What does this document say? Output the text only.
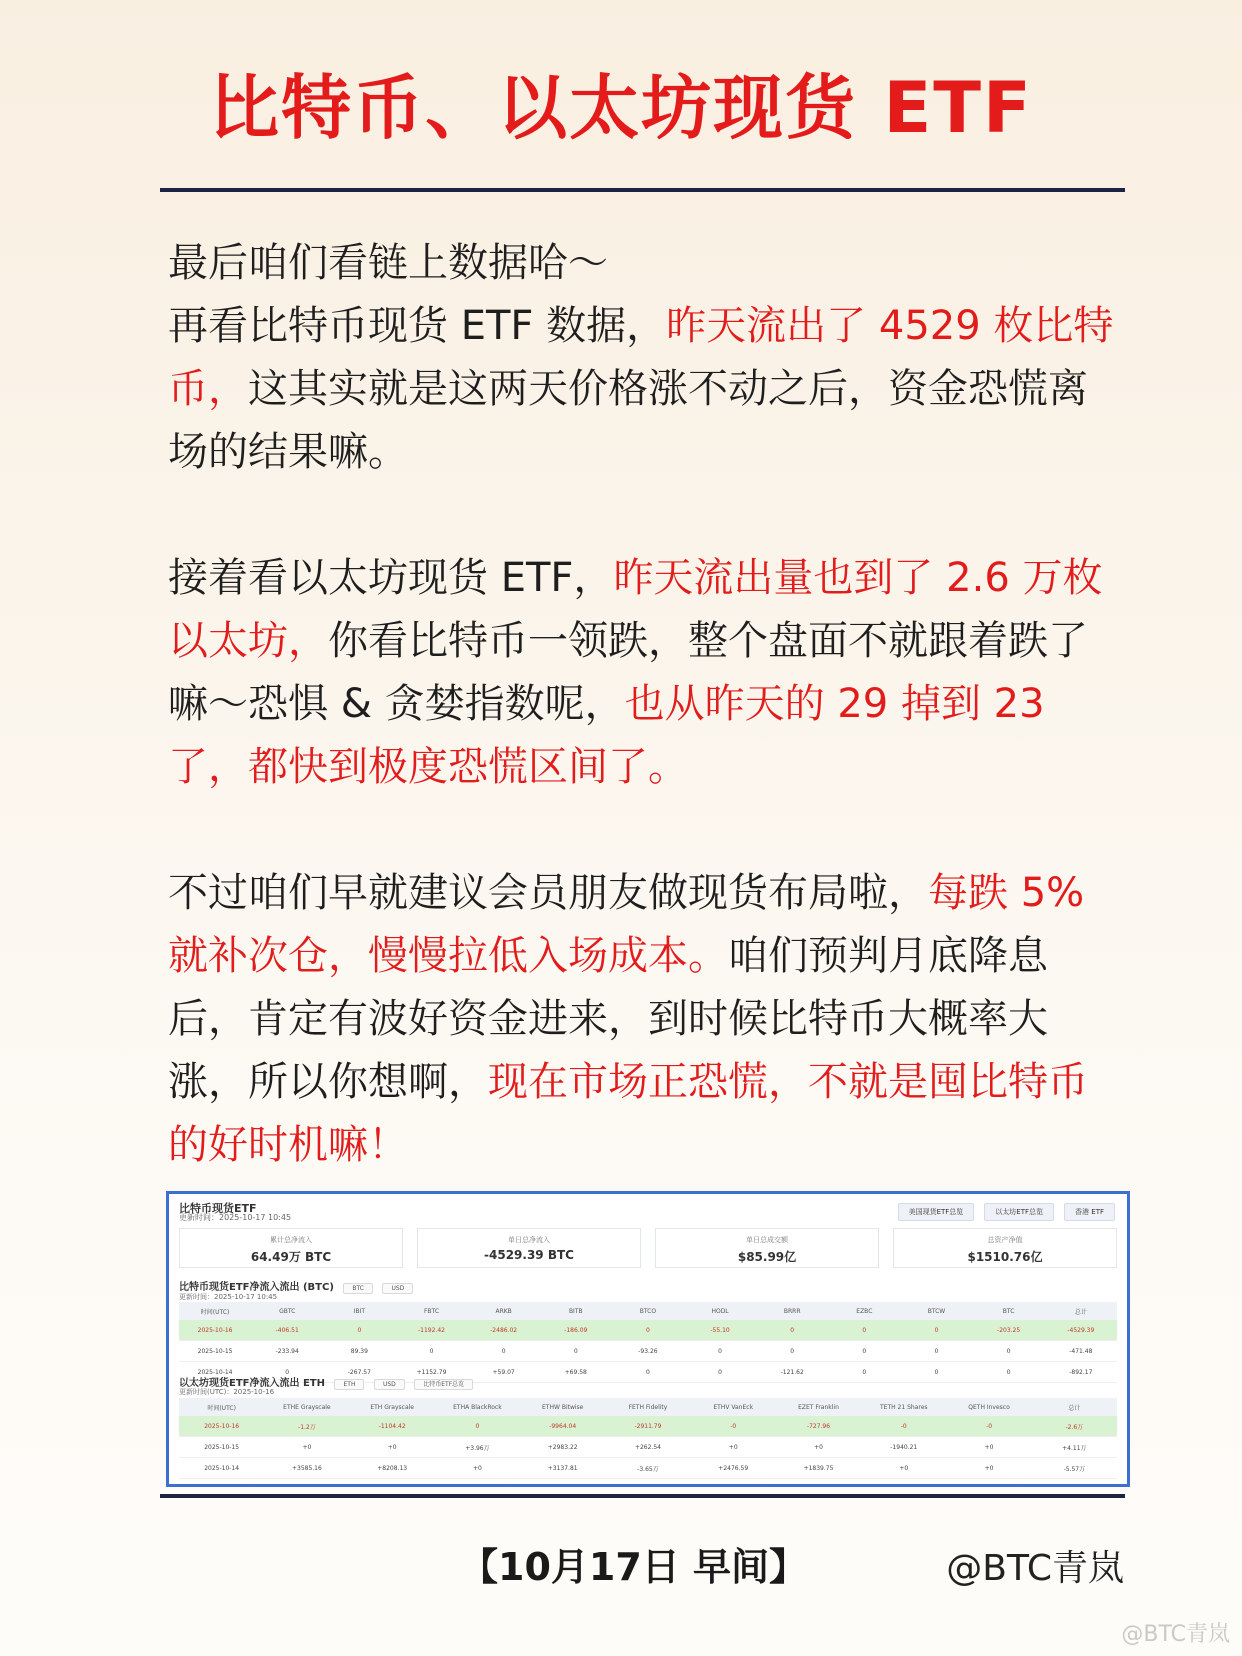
比特币、以太坊现货 ETF

最后咱们看链上数据哈～
再看比特币现货 ETF 数据，昨天流出了 4529 枚比特币，这其实就是这两天价格涨不动之后，资金恐慌离场的结果嘛。

接着看以太坊现货 ETF，昨天流出量也到了 2.6 万枚以太坊，你看比特币一领跌，整个盘面不就跟着跌了嘛～恐惧 & 贪婪指数呢，也从昨天的 29 掉到 23 了，都快到极度恐慌区间了。

不过咱们早就建议会员朋友做现货布局啦，每跌 5% 就补次仓，慢慢拉低入场成本。咱们预判月底降息后，肯定有波好资金进来，到时候比特币大概率大涨，所以你想啊，现在市场正恐慌，不就是囤比特币的好时机嘛！

比特币现货ETF
更新时间：2025-10-17 10:45
美国现货ETF总览	以太坊ETF总览	香港 ETF
累计总净流入
64.49万 BTC
单日总净流入
-4529.39 BTC
单日总成交额
$85.99亿
总资产净值
$1510.76亿
比特币现货ETF净流入流出 (BTC)	BTC	USD
更新时间：2025-10-17 10:45
时间(UTC)	GBTC	IBIT	FBTC	ARKB	BITB	BTCO	HODL	BRRR	EZBC	BTCW	BTC	总计
2025-10-16	-406.51	0	-1192.42	-2486.02	-186.09	0	-55.10	0	0	0	-203.25	-4529.39
2025-10-15	-233.94	89.39	0	0	0	-93.26	0	0	0	0	0	-471.48
2025-10-14	0	-267.57	+1152.79	+59.07	+69.58	0	0	-121.62	0	0	0	-892.17
以太坊现货ETF净流入流出 ETH	ETH	USD	比特币ETF总览
更新时间(UTC)：2025-10-16
时间(UTC)	ETHE Grayscale	ETH Grayscale	ETHA BlackRock	ETHW Bitwise	FETH Fidelity	ETHV VanEck	EZET Franklin	TETH 21 Shares	QETH Invesco	总计
2025-10-16	-1.2万	-1104.42	0	-9964.04	-2911.79	-0	-727.96	-0	-0	-2.6万
2025-10-15	+0	+0	+3.96万	+2983.22	+262.54	+0	+0	-1940.21	+0	+4.11万
2025-10-14	+3585.16	+8208.13	+0	+3137.81	-3.65万	+2476.59	+1839.75	+0	+0	-5.57万
【10月17日 早间】	@BTC青岚
@BTC青岚
